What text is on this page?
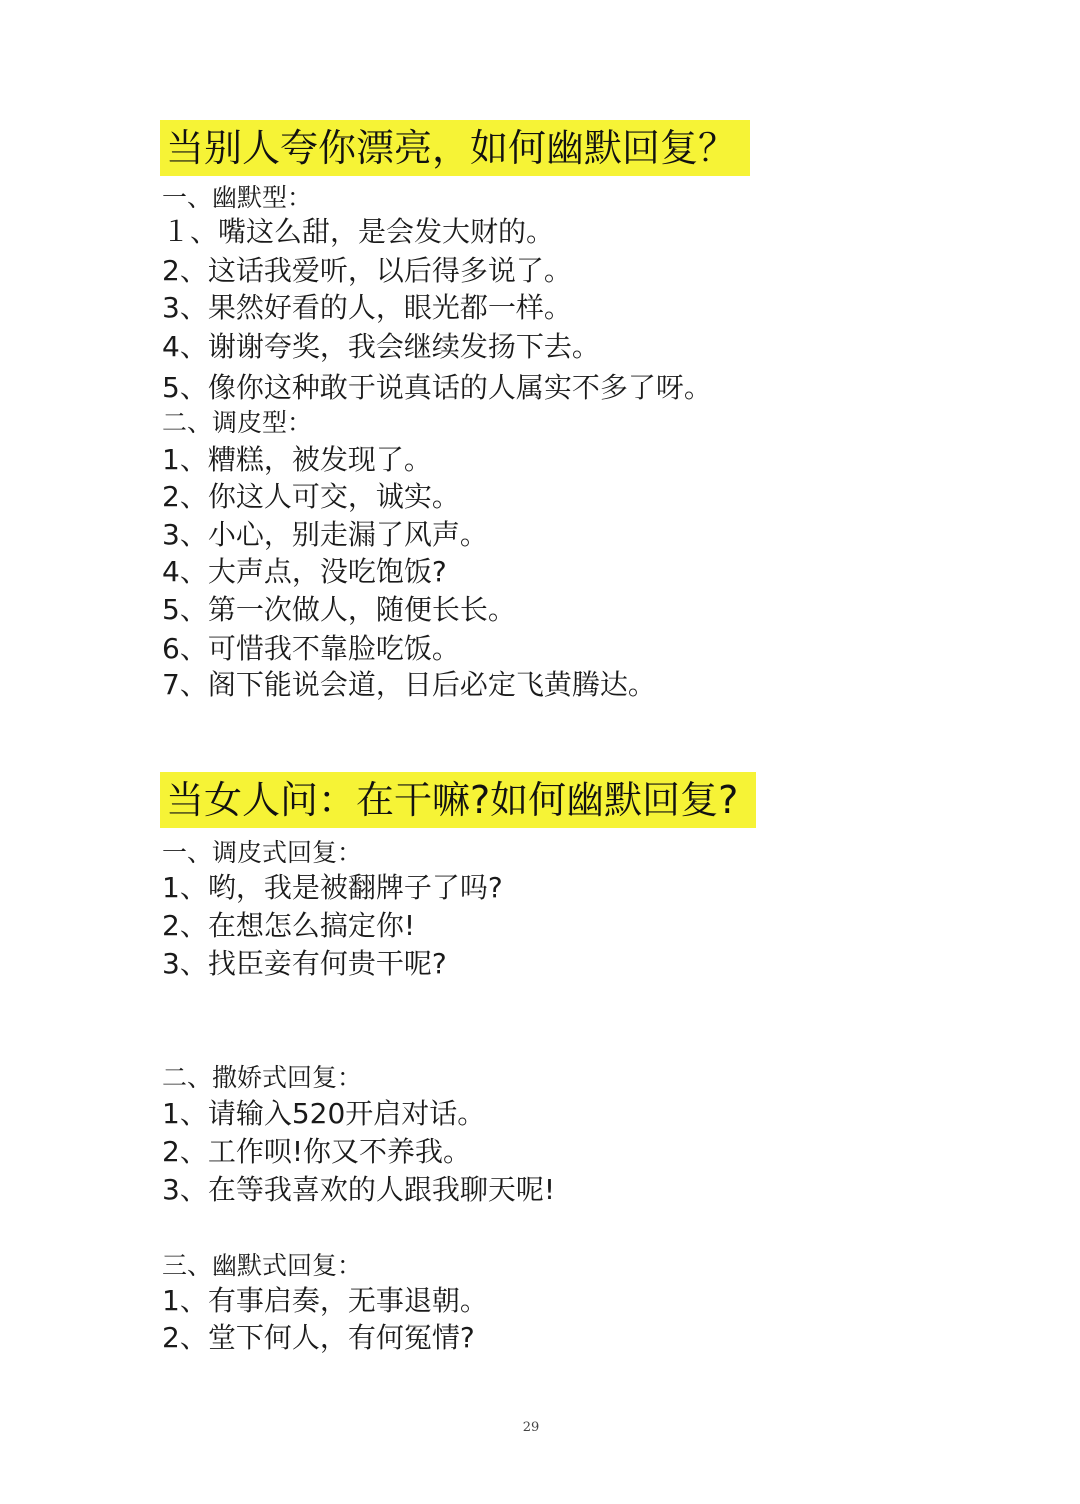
当别人夸你漂亮，如何幽默回复？
一、幽默型：
１、嘴这么甜，是会发大财的。
2、这话我爱听，以后得多说了。
3、果然好看的人，眼光都一样。
4、谢谢夸奖，我会继续发扬下去。
5、像你这种敢于说真话的人属实不多了呀。
二、调皮型：
1、糟糕，被发现了。
2、你这人可交，诚实。
3、小心，别走漏了风声。
4、大声点，没吃饱饭?
5、第一次做人，随便长长。
6、可惜我不靠脸吃饭。
7、阁下能说会道，日后必定飞黄腾达。
当女人问：在干嘛?如何幽默回复?
一、调皮式回复：
1、哟，我是被翻牌子了吗?
2、在想怎么搞定你!
3、找臣妾有何贵干呢?
二、撒娇式回复：
1、请输入520开启对话。
2、工作呗!你又不养我。
3、在等我喜欢的人跟我聊天呢!
三、幽默式回复：
1、有事启奏，无事退朝。
2、堂下何人，有何冤情?
29
